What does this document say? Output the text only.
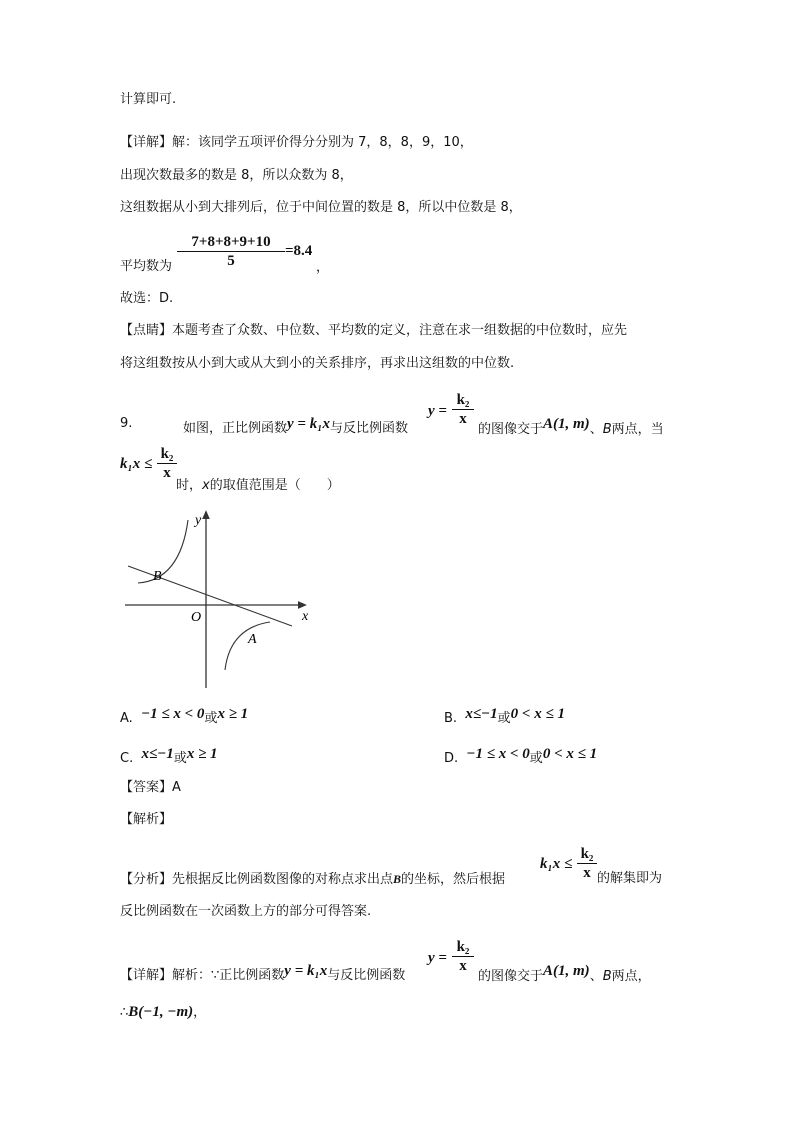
计算即可.
【详解】解：该同学五项评价得分分别为 7，8，8，9，10，
出现次数最多的数是 8，所以众数为 8，
这组数据从小到大排列后，位于中间位置的数是 8，所以中位数是 8，
平均数为 $\frac{7+8+8+9+10}{5} =8.4$
，
故选：D.
【点睛】本题考查了众数、中位数、平均数的定义，注意在求一组数据的中位数时，应先
将这组数按从小到大或从大到小的关系排序，再求出这组数的中位数.
9.	如图，正比例函数y = k₁x与反比例函数
$y = \frac{\text{k₂}}{x}$
的图像交于A(1, m)、B两点，当
$k_1x \le \frac{\text{k₂}}{x}$
时，x的取值范围是（　　）
y
x
O
A
B
A. −1 ≤ x < 0或x ≥ 1	B. x≤−1或0 < x ≤ 1
C. x≤−1或x ≥ 1	D. −1 ≤ x < 0或0 < x ≤ 1
【答案】A
【解析】
【分析】先根据反比例函数图像的对称点求出点B的坐标，然后根据
$k_1x \le \frac{\text{k₂}}{x}$ 的解集即为
反比例函数在一次函数上方的部分可得答案.
【详解】解析：∵正比例函数y = k₁x与反比例函数
$y = \frac{\text{k₂}}{x}$
的图像交于A(1, m)、B两点，
∴B(−1, −m)，
